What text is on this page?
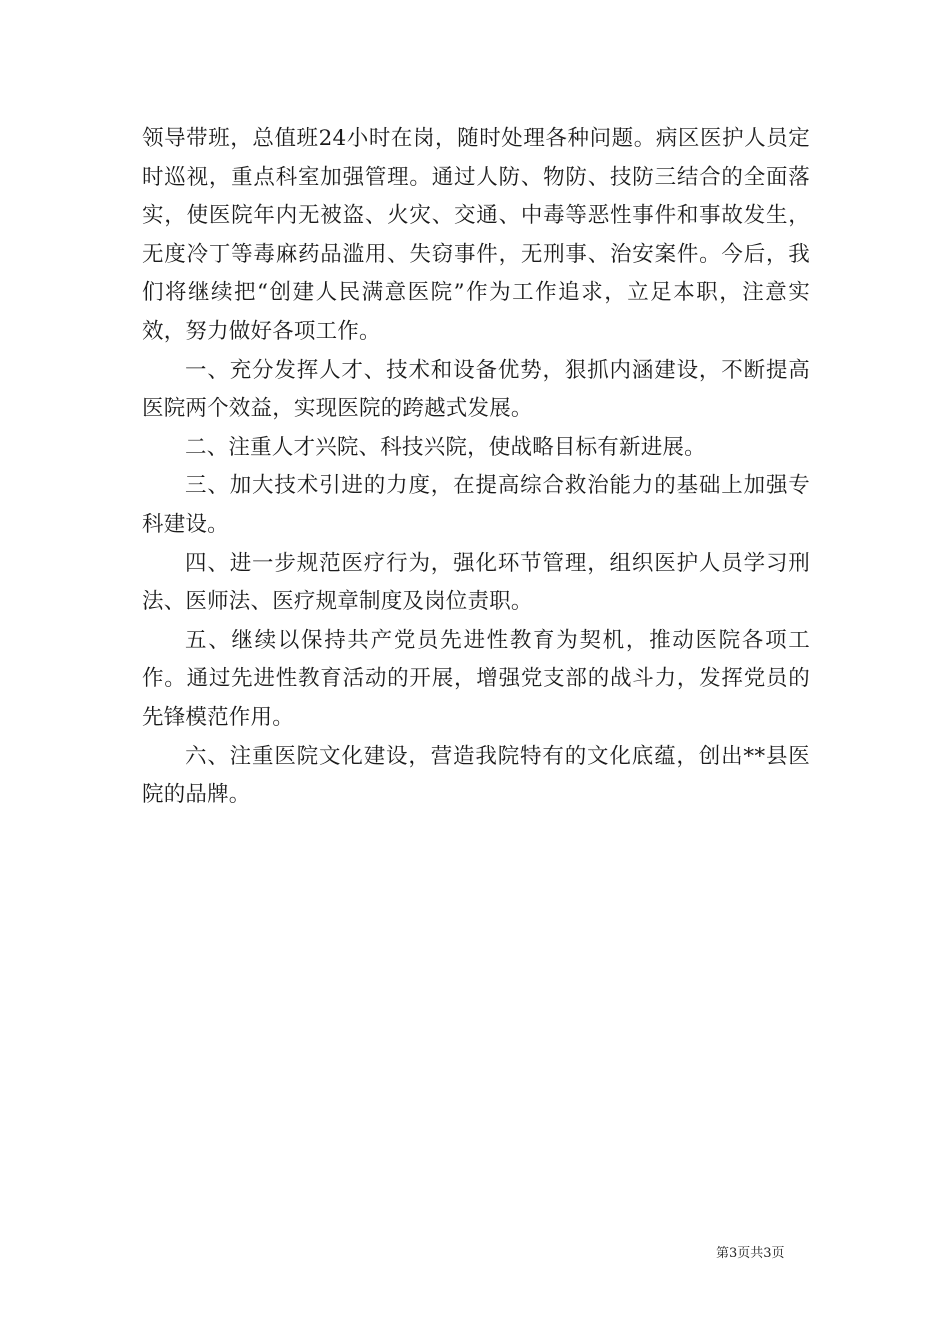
领导带班，总值班24小时在岗，随时处理各种问题。病区医护人员定时巡视，重点科室加强管理。通过人防、物防、技防三结合的全面落实，使医院年内无被盗、火灾、交通、中毒等恶性事件和事故发生，无度冷丁等毒麻药品滥用、失窃事件，无刑事、治安案件。今后，我们将继续把“创建人民满意医院”作为工作追求，立足本职，注意实效，努力做好各项工作。

一、充分发挥人才、技术和设备优势，狠抓内涵建设，不断提高医院两个效益，实现医院的跨越式发展。

二、注重人才兴院、科技兴院，使战略目标有新进展。

三、加大技术引进的力度，在提高综合救治能力的基础上加强专科建设。

四、进一步规范医疗行为，强化环节管理，组织医护人员学习刑法、医师法、医疗规章制度及岗位责职。

五、继续以保持共产党员先进性教育为契机，推动医院各项工作。通过先进性教育活动的开展，增强党支部的战斗力，发挥党员的先锋模范作用。

六、注重医院文化建设，营造我院特有的文化底蕴，创出**县医院的品牌。

第3页共3页
